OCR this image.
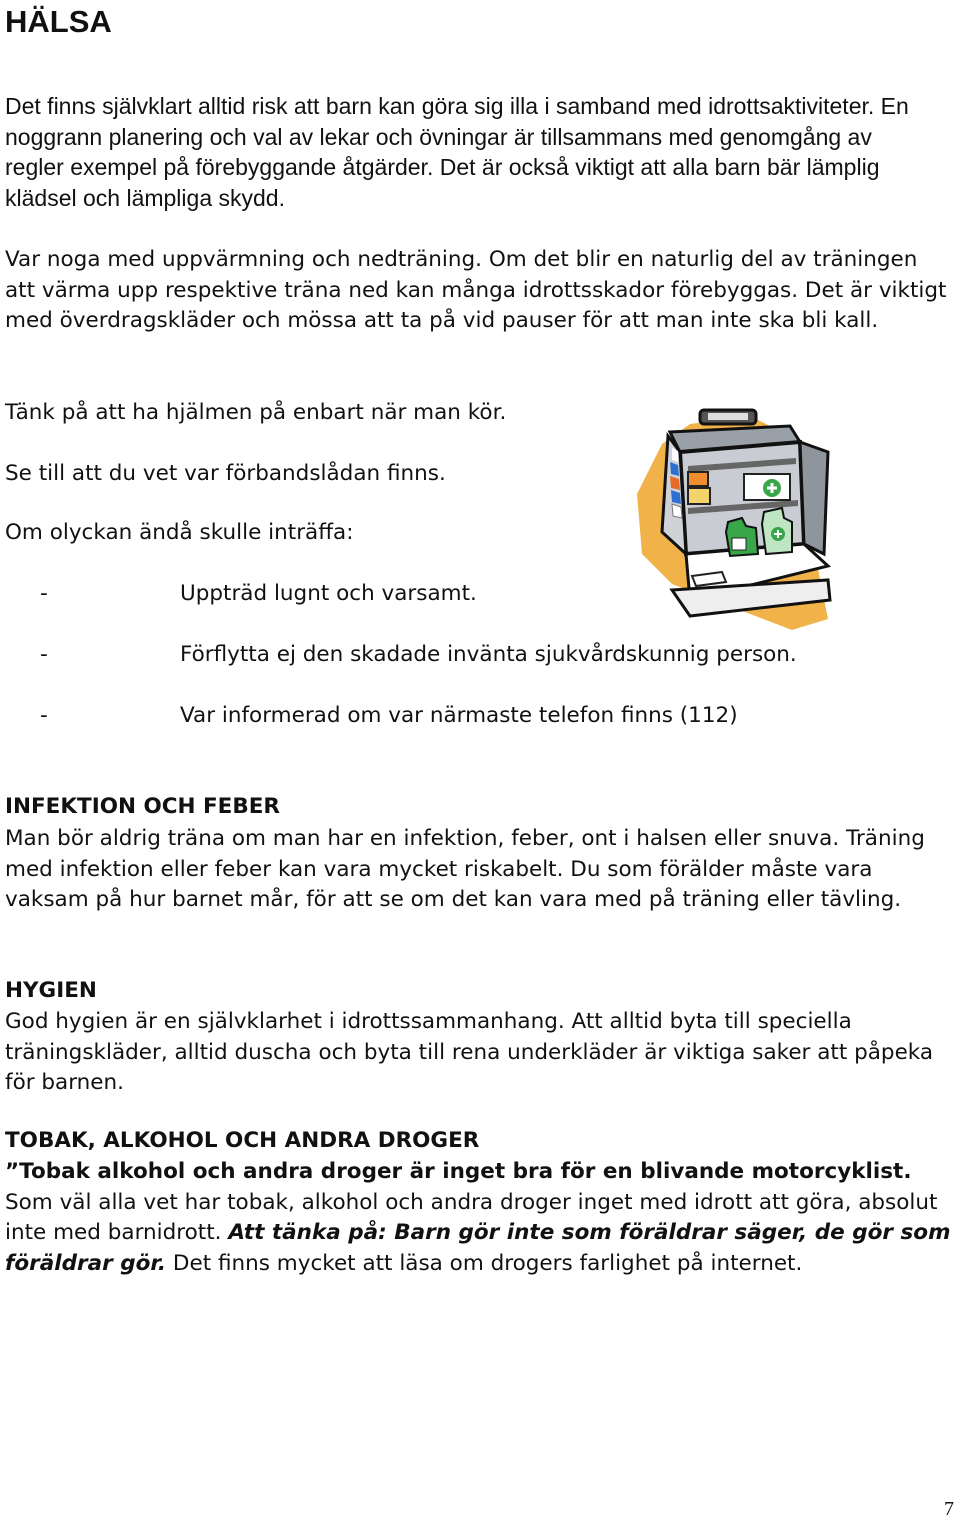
HÄLSA

Det finns självklart alltid risk att barn kan göra sig illa i samband med idrottsaktiviteter. En noggrann planering och val av lekar och övningar är tillsammans med genomgång av regler exempel på förebyggande åtgärder. Det är också viktigt att alla barn bär lämplig klädsel och lämpliga skydd.

Var noga med uppvärmning och nedträning. Om det blir en naturlig del av träningen att värma upp respektive träna ned kan många idrottsskador förebyggas. Det är viktigt med överdragskläder och mössa att ta på vid pauser för att man inte ska bli kall.

Tänk på att ha hjälmen på enbart när man kör.

Se till att du vet var förbandslådan finns.

Om olyckan ändå skulle inträffa:

-	Uppträd lugnt och varsamt.
-	Förflytta ej den skadade invänta sjukvårdskunnig person.
-	Var informerad om var närmaste telefon finns (112)
INFEKTION OCH FEBER

Man bör aldrig träna om man har en infektion, feber, ont i halsen eller snuva. Träning med infektion eller feber kan vara mycket riskabelt. Du som förälder måste vara vaksam på hur barnet mår, för att se om det kan vara med på träning eller tävling.

HYGIEN

God hygien är en självklarhet i idrottssammanhang. Att alltid byta till speciella träningskläder, alltid duscha och byta till rena underkläder är viktiga saker att påpeka för barnen.

TOBAK, ALKOHOL OCH ANDRA DROGER

”Tobak alkohol och andra droger är inget bra för en blivande motorcyklist. Som väl alla vet har tobak, alkohol och andra droger inget med idrott att göra, absolut inte med barnidrott. Att tänka på: Barn gör inte som föräldrar säger, de gör som föräldrar gör. Det finns mycket att läsa om drogers farlighet på internet.

7
